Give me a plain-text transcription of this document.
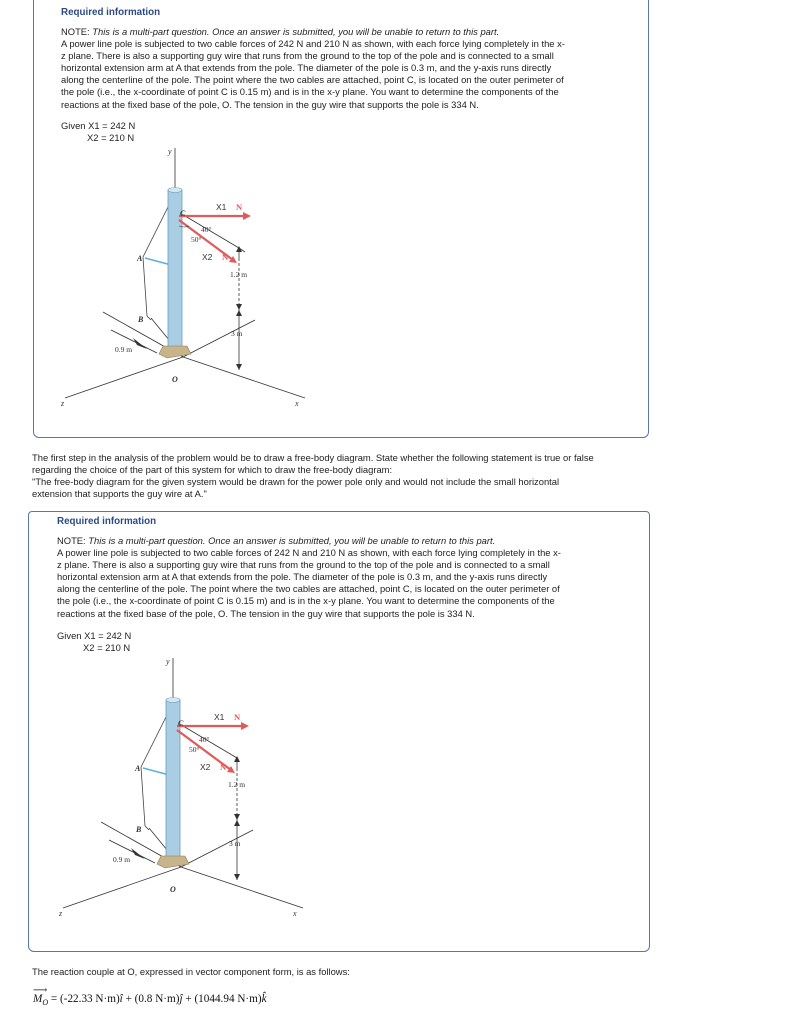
Required information
NOTE: This is a multi-part question. Once an answer is submitted, you will be unable to return to this part.
A power line pole is subjected to two cable forces of 242 N and 210 N as shown, with each force lying completely in the x-
z plane. There is also a supporting guy wire that runs from the ground to the top of the pole and is connected to a small
horizontal extension arm at A that extends from the pole. The diameter of the pole is 0.3 m, and the y-axis runs directly
along the centerline of the pole. The point where the two cables are attached, point C, is located on the outer perimeter of
the pole (i.e., the x-coordinate of point C is 0.15 m) and is in the x-y plane. You want to determine the components of the
reactions at the fixed base of the pole, O. The tension in the guy wire that supports the pole is 334 N.
Given X1 = 242 N
X2 = 210 N
y
C
X1 N
40°
50°
X2 N
A
1.2 m
B
3 m
0.9 m
O
z	x
The first step in the analysis of the problem would be to draw a free-body diagram. State whether the following statement is true or false
regarding the choice of the part of this system for which to draw the free-body diagram:
"The free-body diagram for the given system would be drawn for the power pole only and would not include the small horizontal
extension that supports the guy wire at A."
Required information
NOTE: This is a multi-part question. Once an answer is submitted, you will be unable to return to this part.
A power line pole is subjected to two cable forces of 242 N and 210 N as shown, with each force lying completely in the x-
z plane. There is also a supporting guy wire that runs from the ground to the top of the pole and is connected to a small
horizontal extension arm at A that extends from the pole. The diameter of the pole is 0.3 m, and the y-axis runs directly
along the centerline of the pole. The point where the two cables are attached, point C, is located on the outer perimeter of
the pole (i.e., the x-coordinate of point C is 0.15 m) and is in the x-y plane. You want to determine the components of the
reactions at the fixed base of the pole, O. The tension in the guy wire that supports the pole is 334 N.
Given X1 = 242 N
X2 = 210 N
y
C
X1 N
40°
50°
X2 N
A
1.2 m
B
3 m
0.9 m
O
z	x
The reaction couple at O, expressed in vector component form, is as follows:
⟶
$M_O = (-22.33$ N·m)î + (0.8 N·m)ĵ + (1044.94 N·m)k̂
